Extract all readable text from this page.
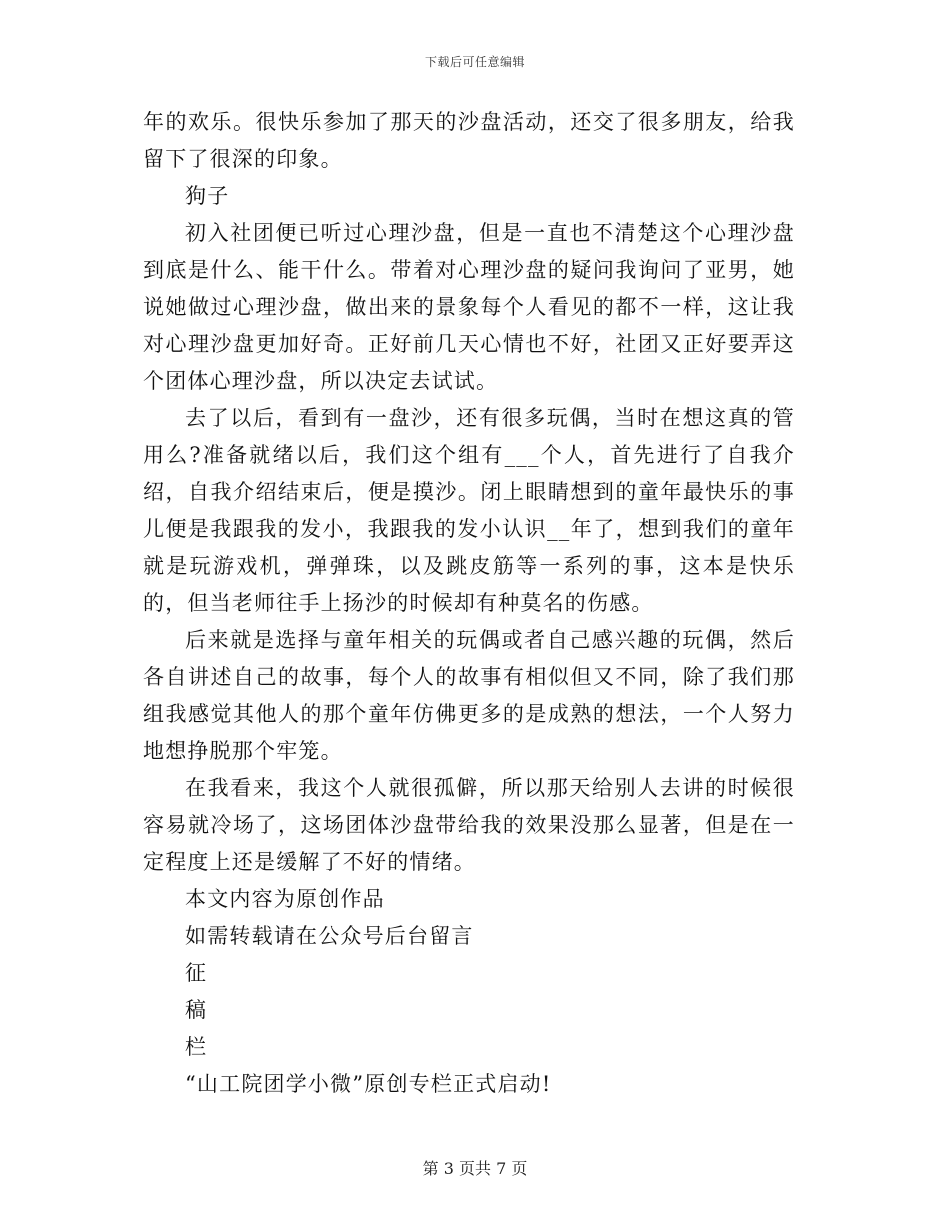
下载后可任意编辑

年的欢乐。很快乐参加了那天的沙盘活动，还交了很多朋友，给我留下了很深的印象。

狗子

初入社团便已听过心理沙盘，但是一直也不清楚这个心理沙盘到底是什么、能干什么。带着对心理沙盘的疑问我询问了亚男，她说她做过心理沙盘，做出来的景象每个人看见的都不一样，这让我对心理沙盘更加好奇。正好前几天心情也不好，社团又正好要弄这个团体心理沙盘，所以决定去试试。

去了以后，看到有一盘沙，还有很多玩偶，当时在想这真的管用么?准备就绪以后，我们这个组有___个人，首先进行了自我介绍，自我介绍结束后，便是摸沙。闭上眼睛想到的童年最快乐的事儿便是我跟我的发小，我跟我的发小认识__年了，想到我们的童年就是玩游戏机，弹弹珠，以及跳皮筋等一系列的事，这本是快乐的，但当老师往手上扬沙的时候却有种莫名的伤感。

后来就是选择与童年相关的玩偶或者自己感兴趣的玩偶，然后各自讲述自己的故事，每个人的故事有相似但又不同，除了我们那组我感觉其他人的那个童年仿佛更多的是成熟的想法，一个人努力地想挣脱那个牢笼。

在我看来，我这个人就很孤僻，所以那天给别人去讲的时候很容易就冷场了，这场团体沙盘带给我的效果没那么显著，但是在一定程度上还是缓解了不好的情绪。

本文内容为原创作品

如需转载请在公众号后台留言

征

稿

栏

“山工院团学小微”原创专栏正式启动!

第 3 页共 7 页
